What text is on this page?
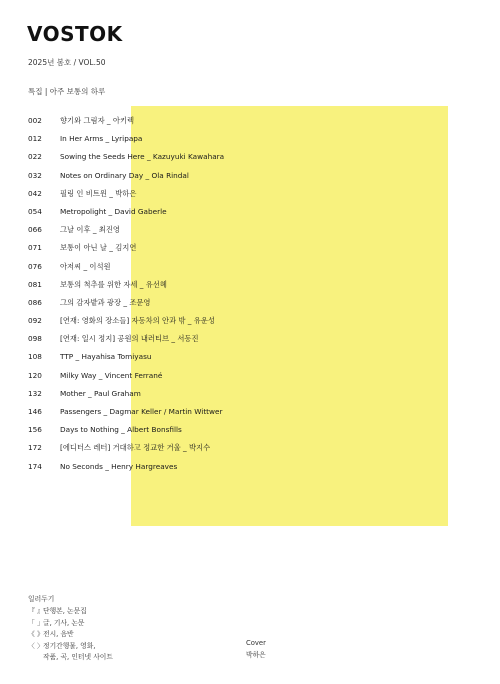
VOSTOK
2025년 봄호 / VOL.50
특집 | 아주 보통의 하루
002	향기와 그림자 _ 아키렉
012	In Her Arms _ Lyripapa
022	Sowing the Seeds Here _ Kazuyuki Kawahara
032	Notes on Ordinary Day _ Ola Rindal
042	필링 인 비트윈 _ 박하은
054	Metropolight _ David Gaberle
066	그날 이후 _ 최진영
071	보통이 아닌 날 _ 김지연
076	아저씨 _ 이석원
081	보통의 척추를 위한 자세 _ 유선혜
086	그의 감자밭과 광장 _ 조문영
092	[연재: 영화의 장소들] 자동차의 안과 밖 _ 유운성
098	[연재: 일시 정지] 공원의 내러티브 _ 서동진
108	TTP _ Hayahisa Tomiyasu
120	Milky Way _ Vincent Ferrané
132	Mother _ Paul Graham
146	Passengers _ Dagmar Keller / Martin Wittwer
156	Days to Nothing _ Albert Bonsfills
172	[에디터스 레터] 거대하고 정교한 거울 _ 박지수
174	No Seconds _ Henry Hargreaves
일러두기
『 』 단행본, 논문집
「 」 글, 기사, 논문
《 》 전시, 음반
〈 〉 정기간행물, 영화,
작품, 곡, 인터넷 사이트
Cover
박하은
